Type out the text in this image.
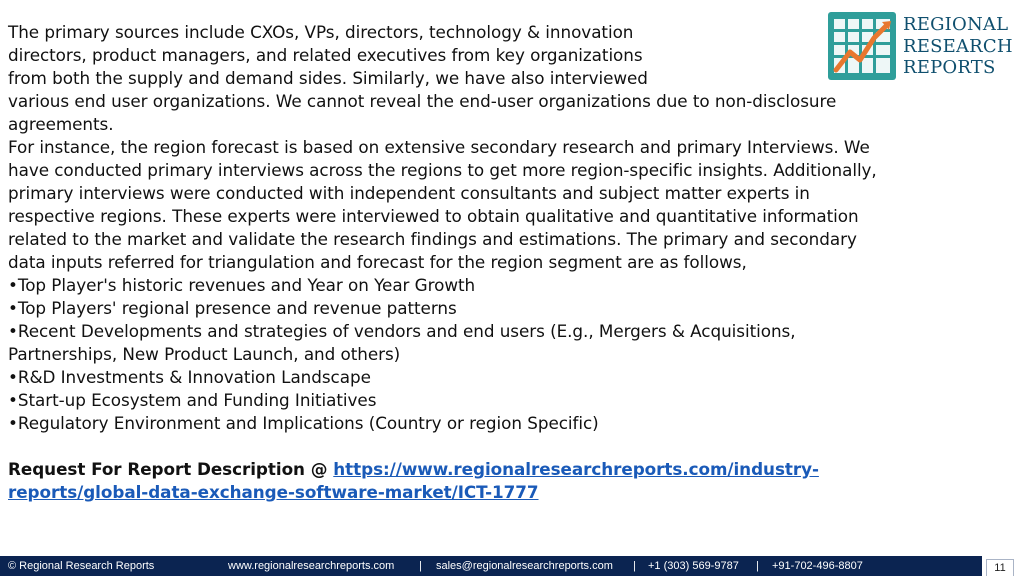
The primary sources include CXOs, VPs, directors, technology & innovation
directors, product managers, and related executives from key organizations
from both the supply and demand sides. Similarly, we have also interviewed
various end user organizations. We cannot reveal the end-user organizations due to non-disclosure
agreements.
For instance, the region forecast is based on extensive secondary research and primary Interviews. We
have conducted primary interviews across the regions to get more region-specific insights. Additionally,
primary interviews were conducted with independent consultants and subject matter experts in
respective regions. These experts were interviewed to obtain qualitative and quantitative information
related to the market and validate the research findings and estimations. The primary and secondary
data inputs referred for triangulation and forecast for the region segment are as follows,
•Top Player's historic revenues and Year on Year Growth
•Top Players' regional presence and revenue patterns
•Recent Developments and strategies of vendors and end users (E.g., Mergers & Acquisitions,
Partnerships, New Product Launch, and others)
•R&D Investments & Innovation Landscape
•Start-up Ecosystem and Funding Initiatives
•Regulatory Environment and Implications (Country or region Specific)
Request For Report Description @ https://www.regionalresearchreports.com/industry-
reports/global-data-exchange-software-market/ICT-1777
REGIONAL
RESEARCH
REPORTS
© Regional Research Reports	www.regionalresearchreports.com | sales@regionalresearchreports.com | +1 (303) 569-9787 | +91-702-496-8807	11
